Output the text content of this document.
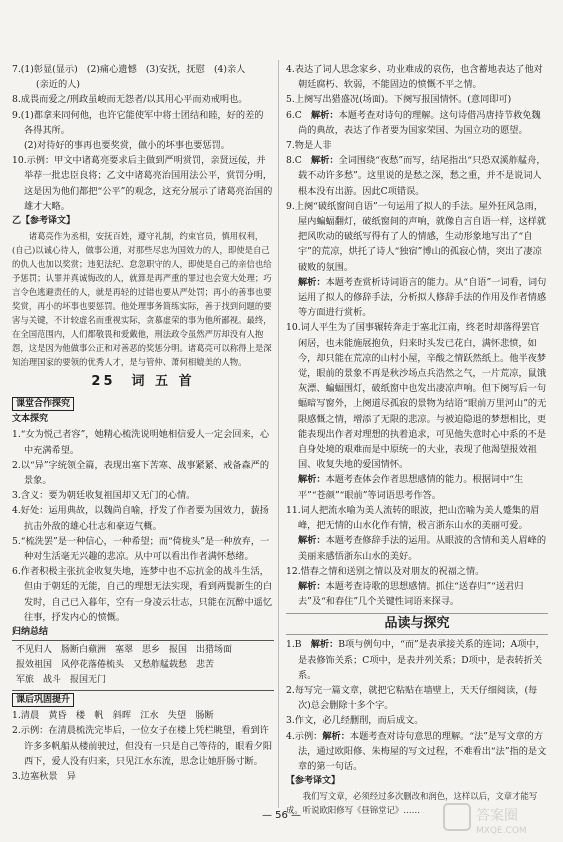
7.(1)彰显(显示)　(2)痛心遗憾　(3)安抚，抚慰　(4)亲人
(亲近的人)

8.成畏而爱之/刑政虽峻而无怨者/以其用心平而劝戒明也。

9.(1)都拿来同何他，也许它能使军中将士团结和睦，好的差的
各得其所。
(2)对待好的事再也要奖赏，做小的坏事也要惩罚。

10.示例：甲文中诸葛亮要求后主做到严明赏罚，亲贤远佞，并举荐一批忠臣良将；乙文中诸葛亮治国用法公平，赏罚分明，这是因为他们都把“公平”的观念，这充分展示了诸葛亮治国的雄才大略。

乙【参考译文】

诸葛亮作为丞相，安抚百姓，遵守礼制，约束官员，慎用权利，(自己)以诚心待人，做事公道，对那些尽忠为国效力的人，即使是自己的仇人也加以奖赏；违犯法纪、怠忽职守的人，即使是自己的亲信也给予惩罚；认罪并真诚悔改的人，就算是再严重的罪过也会宽大处理；巧言令色逃避责任的人，就是再轻的过错也要从严处罚；再小的善事也要奖赏，再小的坏事也要惩罚。他处理事务简练实际，善于找到问题的要害与关键，不计较虚名而重视实际，贪慕虚荣的事为他所鄙视。最终，在全国范围内，人们都敬畏和爱戴他，刑法政令虽然严厉却没有人抱怨，这是因为他做事公正和对善恶的奖惩分明。诸葛亮可以称得上是深知治理国家的要领的优秀人才，是与管仲、萧何相媲美的人物。

25　词 五 首
课堂合作探究

文本探究

1.“女为悦己者容”，她精心梳洗说明她相信爱人一定会回来，心中充满希望。

2.以“异”字统领全篇，表现出塞下苦寒、战事紧紧、戒备森严的景象。

3.含义：要为朝廷收复祖国却又无门的心情。

4.好处：运用典故，以魏尚自喻，抒发了作者要为国效力，藐扬抗击外敌的雄心壮志和豪迈气概。

5.“梳洗罢”是一种信心，一种希望；而“倚栊头”是一种放弃，一种对生活毫无兴趣的悲凉。从中可以看出作者满怀愁绪。

6.作者积极主张抗金收复失地，连梦中也不忘抗金的战斗生活，但由于朝廷的无能，自己的理想无法实现，看到两鬓新生的白发时，自己已入暮年，空有一身凌云壮志，只能在沉醉中遥忆往事，抒发内心的愤慨。

归纳总结

不见归人　肠断白蘋洲　塞翠　思乡　报国　出猎场面
报效祖国　风停花落倦梳头　又愁舴艋载愁　悲苦
军旅　战斗　报国无门
课后巩固提升

1.清晨　黄昏　楼　帆　斜晖　江水　失望　肠断

2.示例：在清晨梳洗完毕后，一位女子在楼上凭栏眺望，看到许许多多帆船从楼前驶过，但没有一只是自己等待的，眼看夕阳西下，爱人没有归来，只见江水东流，思念让她肝肠寸断。

3.边塞秋景　异

4.表达了词人思念家乡、功业难成的哀伤，也含蓄地表达了他对朝廷腐朽、软弱，不能固边的愤慨不平之情。

5.上阕写出猎盛况(场面)。下阕写报国情怀。(意同即可)

6.C　 解析：本题考查对诗句的理解。这句诗借冯唐持节救免魏尚的典故，表达了作者要为国家荣国、为国立功的愿望。

7.物是人非

8.C　 解析：全词围绕“夜愁”而写，结尾指出“只恐双溪舴艋舟，载不动许多愁”。这里说的是愁之深，愁之重，并不是说词人根本没有出游。因此C项错误。

9.上阕“破纸窗间自语”一句运用了拟人的手法。屋外狂风急雨，屋内蝙蝠翻灯，破纸窗间的声响，就像自言自语一样，这样就把风吹动的破纸写得有了人的情感，生动形象地写出了“自宇”的荒凉，烘托了诗人“独宿”博山的孤寂心情，突出了凄凉破败的氛围。

解析：本题考查赏析诗词语言的能力。从“自语”一词看，词句运用了拟人的修辞手法，分析拟人修辞手法的作用及作者情感等方面进行赏析。

10.词人平生为了国事辗转奔走于塞北江南，终老时却落得罢官闲居，也未能施展抱负，归来时头发已花白，满怀悲愤，如今，却只能在荒凉的山村小屋，辛酸之情跃然纸上。他半夜梦觉，眼前的景象不再是秋沙场点兵浩然之气，一片荒凉，鼠饿灰漂、蝙蝠围灯，破纸窗中也发出凄凉声响。但下阕写后一句蝠暗写窗外，上阕道尽孤寂的景物为结语“眼前万里河山”的无限感慨之情，增添了无限的悲凉。与被迫隐退的梦想相比，更能表现出作者对理想的执着追求，可见他失意时心中系的不是自身处境的艰难而是中原统一的大业，表现了他渴望报效祖国、收复失地的爱国情怀。

解析：本题考查体会作者思想感情的能力。根据词中“生平”“苍颜”“眼前”等词语思考作答。

11.词人把流水喻为美人流转的眼波，把山峦喻为美人蹙集的眉峰，把无情的山水化作有情，极言浙东山水的美丽可爱。

解析：本题考查修辞手法的运用。从眼波的含情和美人眉峰的美丽来感悟浙东山水的美好。

12.惜春之情和送别之情以及对朋友的祝福之情。

解析：本题考查诗歌的思想感情。抓住“送春归”“送君归去”及“和春住”几个关键性词语来探寻。

品读与探究

1.B　 解析：B项与例句中，“而”是表承接关系的连词；A项中，是表修饰关系；C项中，是表并列关系；D项中，是表转折关系。

2.每写完一篇文章，就把它粘贴在墙壁上，天天仔细阅读，(每次)总会删除十多个字。

3.作文，必几经删削，而后成文。

4.示例：解析：本题考查对诗句意思的理解。“法”是写文章的方法，通过欧阳修、朱梅屋的写文过程，不难看出“法”指的是文章的第一句话。

【参考译文】

我们写文章，必须经过多次删改和润色，这样以后，文章才能写成。听说欧阳修写《昼锦堂记》……

— 56 —	答案圈
MXQE.COM
